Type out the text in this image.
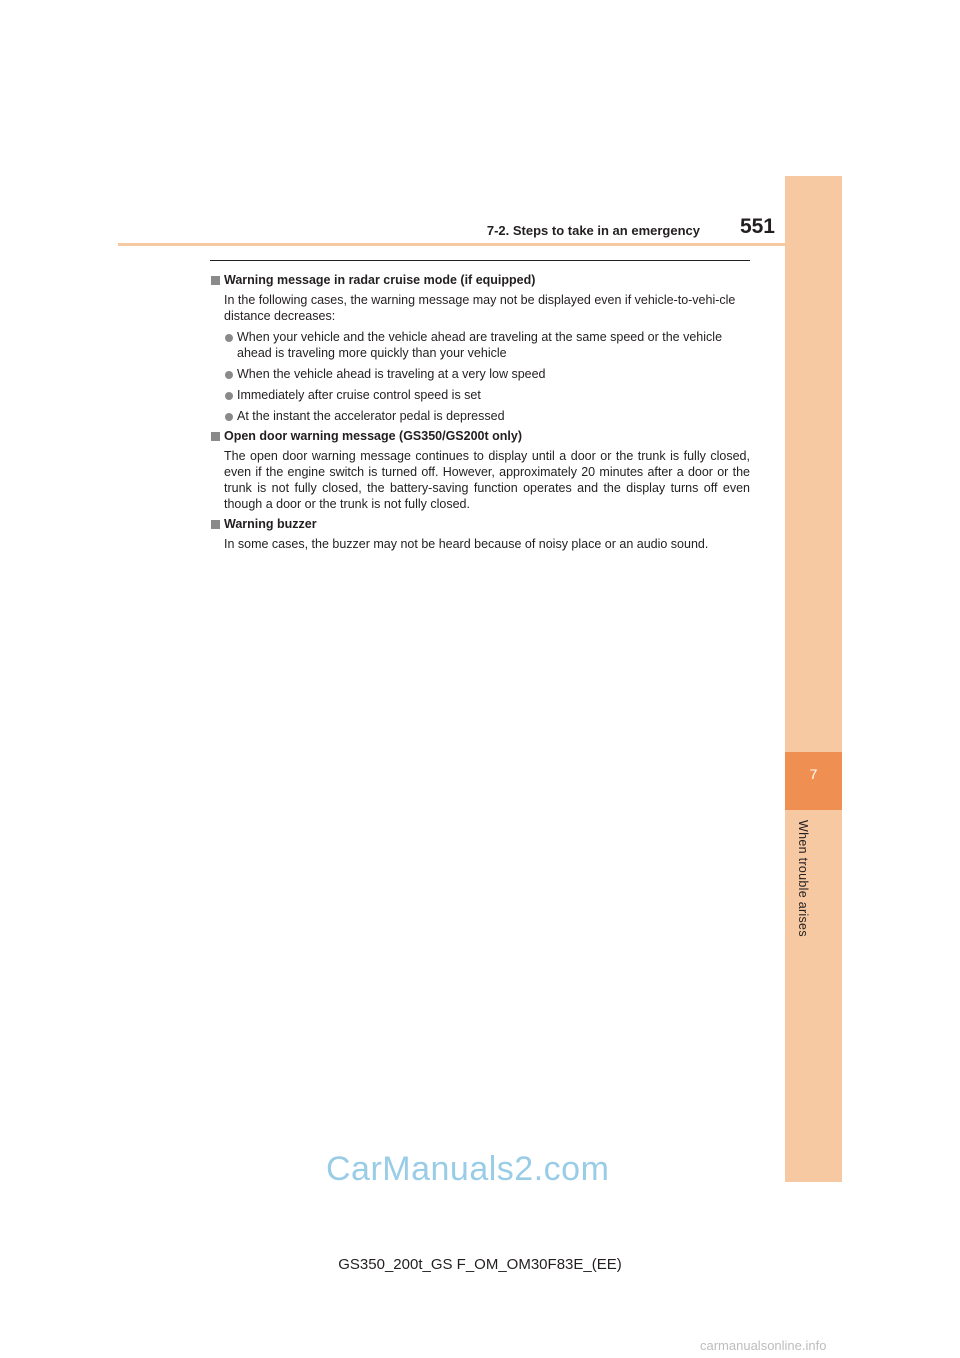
7
When trouble arises
7-2. Steps to take in an emergency	551
Warning message in radar cruise mode (if equipped)
In the following cases, the warning message may not be displayed even if vehicle-to-vehi-cle distance decreases:
When your vehicle and the vehicle ahead are traveling at the same speed or the vehicle ahead is traveling more quickly than your vehicle
When the vehicle ahead is traveling at a very low speed
Immediately after cruise control speed is set
At the instant the accelerator pedal is depressed
Open door warning message (GS350/GS200t only)
The open door warning message continues to display until a door or the trunk is fully closed, even if the engine switch is turned off. However, approximately 20 minutes after a door or the trunk is not fully closed, the battery-saving function operates and the display turns off even though a door or the trunk is not fully closed.
Warning buzzer
In some cases, the buzzer may not be heard because of noisy place or an audio sound.
CarManuals2.com
GS350_200t_GS F_OM_OM30F83E_(EE)
carmanualsonline.info
